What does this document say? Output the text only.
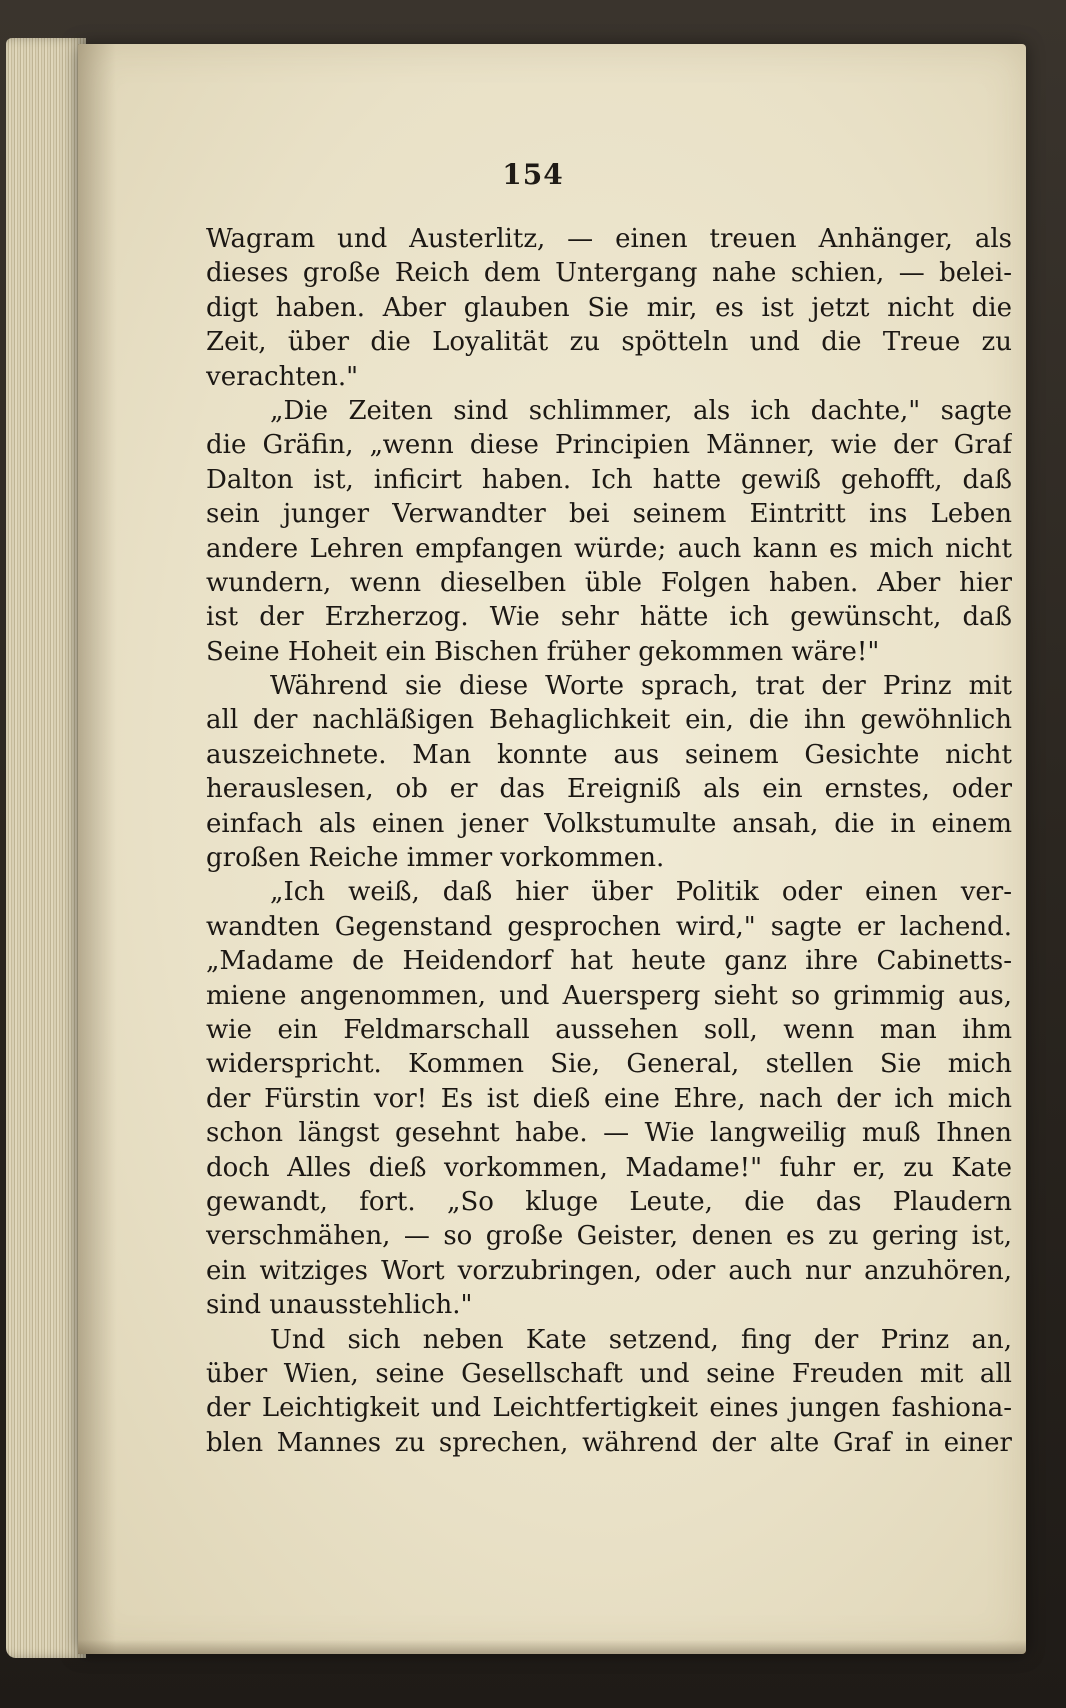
154
Wagram und Austerlitz, — einen treuen Anhänger, als
dieses große Reich dem Untergang nahe schien, — belei-
digt haben. Aber glauben Sie mir, es ist jetzt nicht die
Zeit, über die Loyalität zu spötteln und die Treue zu
verachten."
„Die Zeiten sind schlimmer, als ich dachte," sagte
die Gräfin, „wenn diese Principien Männer, wie der Graf
Dalton ist, inficirt haben. Ich hatte gewiß gehofft, daß
sein junger Verwandter bei seinem Eintritt ins Leben
andere Lehren empfangen würde; auch kann es mich nicht
wundern, wenn dieselben üble Folgen haben. Aber hier
ist der Erzherzog. Wie sehr hätte ich gewünscht, daß
Seine Hoheit ein Bischen früher gekommen wäre!"
Während sie diese Worte sprach, trat der Prinz mit
all der nachläßigen Behaglichkeit ein, die ihn gewöhnlich
auszeichnete. Man konnte aus seinem Gesichte nicht
herauslesen, ob er das Ereigniß als ein ernstes, oder
einfach als einen jener Volkstumulte ansah, die in einem
großen Reiche immer vorkommen.
„Ich weiß, daß hier über Politik oder einen ver-
wandten Gegenstand gesprochen wird," sagte er lachend.
„Madame de Heidendorf hat heute ganz ihre Cabinetts-
miene angenommen, und Auersperg sieht so grimmig aus,
wie ein Feldmarschall aussehen soll, wenn man ihm
widerspricht. Kommen Sie, General, stellen Sie mich
der Fürstin vor! Es ist dieß eine Ehre, nach der ich mich
schon längst gesehnt habe. — Wie langweilig muß Ihnen
doch Alles dieß vorkommen, Madame!" fuhr er, zu Kate
gewandt, fort. „So kluge Leute, die das Plaudern
verschmähen, — so große Geister, denen es zu gering ist,
ein witziges Wort vorzubringen, oder auch nur anzuhören,
sind unausstehlich."
Und sich neben Kate setzend, fing der Prinz an,
über Wien, seine Gesellschaft und seine Freuden mit all
der Leichtigkeit und Leichtfertigkeit eines jungen fashiona-
blen Mannes zu sprechen, während der alte Graf in einer
